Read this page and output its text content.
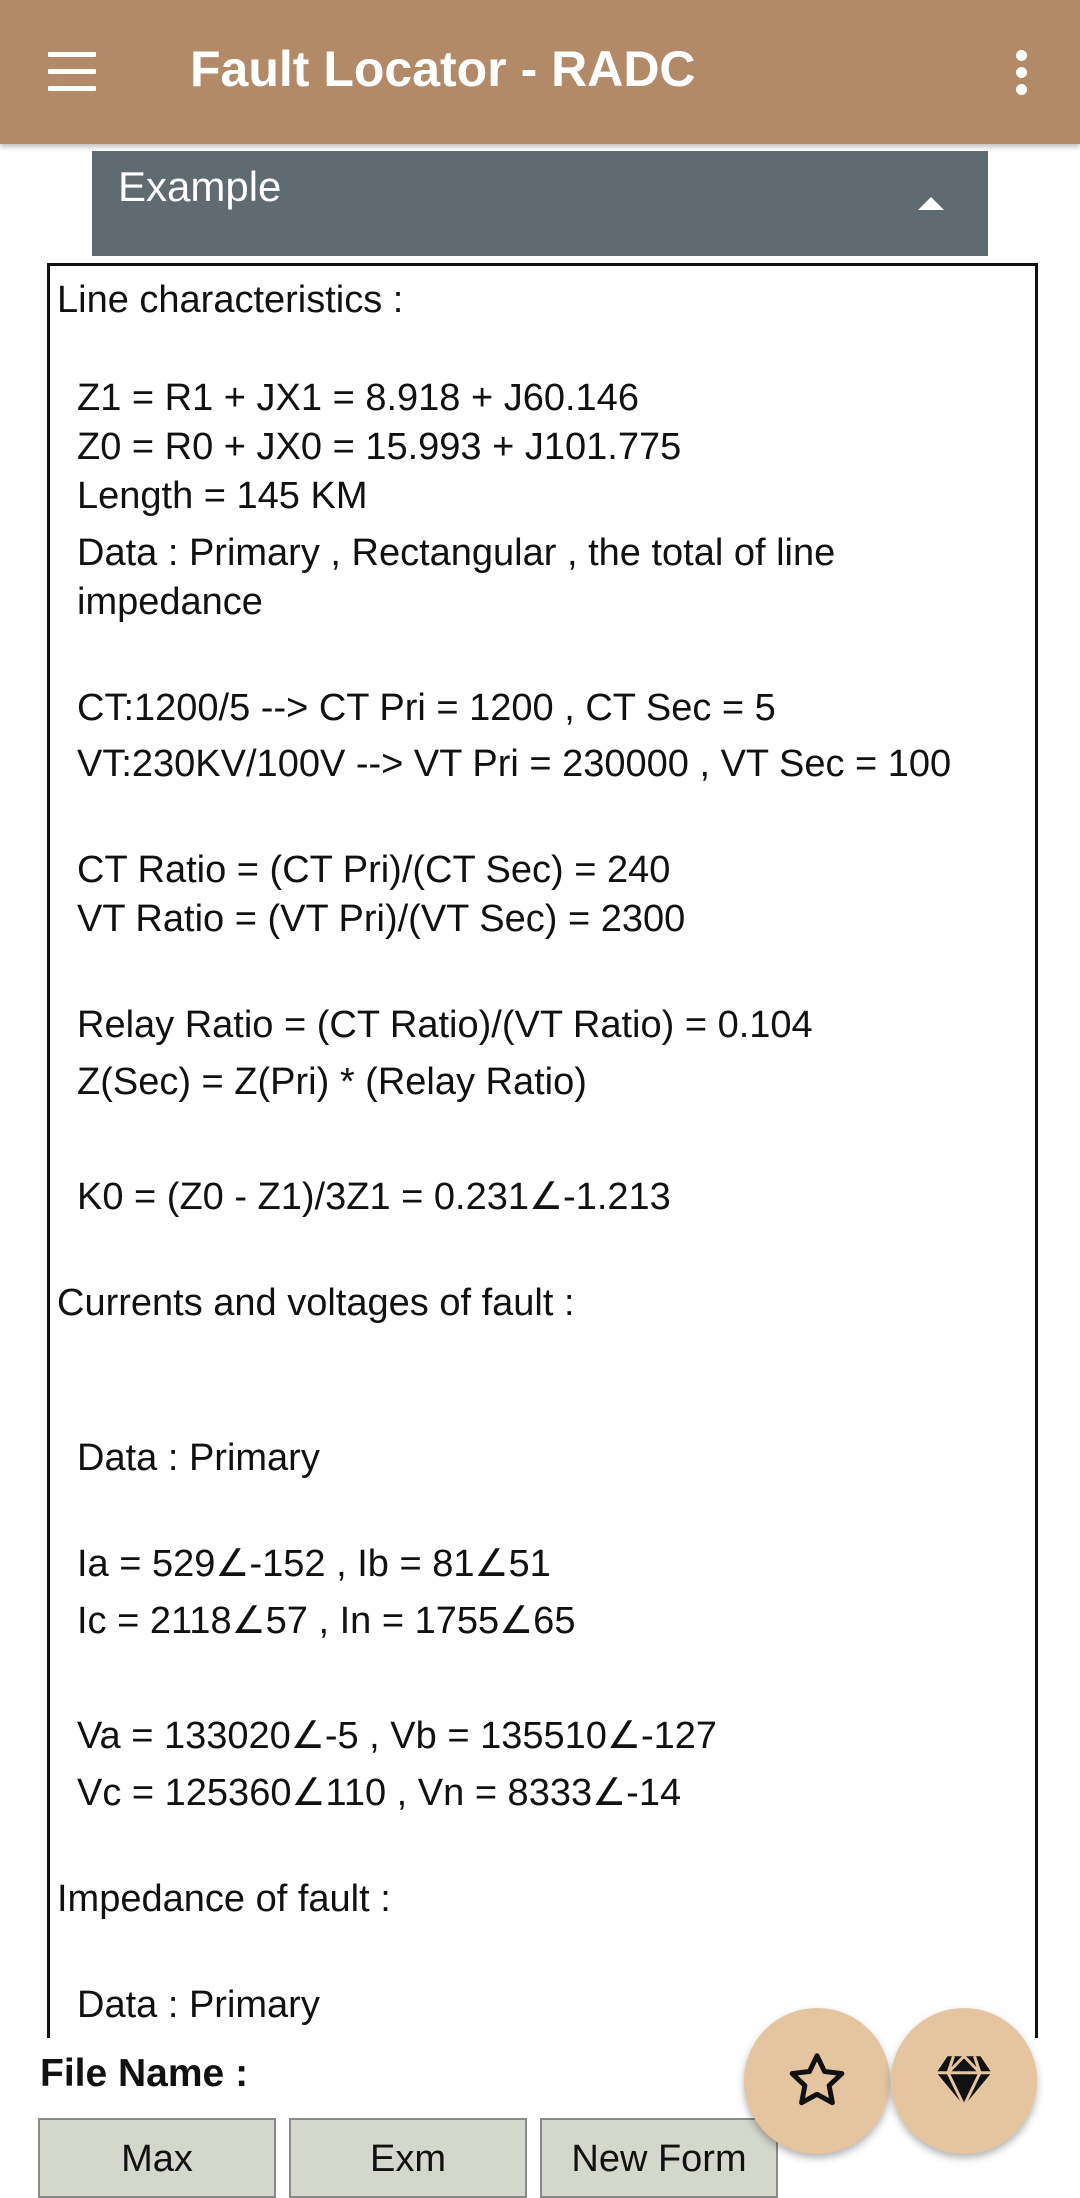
Fault Locator - RADC
Example
Line characteristics :
Z1 = R1 + JX1 = 8.918 + J60.146
Z0 = R0 + JX0 = 15.993 + J101.775
Length = 145 KM
Data : Primary , Rectangular , the total of line
impedance
CT:1200/5 --> CT Pri = 1200 , CT Sec = 5
VT:230KV/100V --> VT Pri = 230000 , VT Sec = 100
CT Ratio = (CT Pri)/(CT Sec) = 240
VT Ratio = (VT Pri)/(VT Sec) = 2300
Relay Ratio = (CT Ratio)/(VT Ratio) = 0.104
Z(Sec) = Z(Pri) * (Relay Ratio)
K0 = (Z0 - Z1)/3Z1 = 0.231∠-1.213
Currents and voltages of fault :
Data : Primary
Ia = 529∠-152 , Ib = 81∠51
Ic = 2118∠57 , In = 1755∠65
Va = 133020∠-5 , Vb = 135510∠-127
Vc = 125360∠110 , Vn = 8333∠-14
Impedance of fault :
Data : Primary
File Name :
Max	Exm	New Form
